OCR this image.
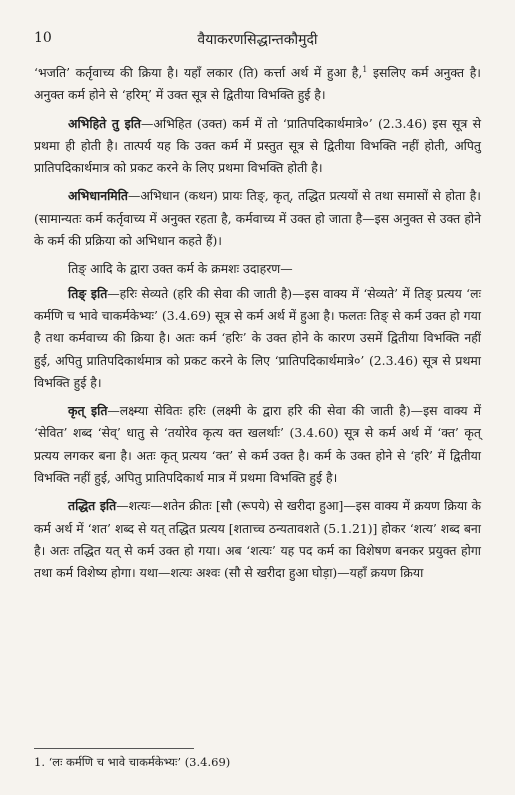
10	वैयाकरणसिद्धान्तकौमुदी

‘भजति’ कर्तृवाच्य की क्रिया है। यहाँ लकार (ति) कर्त्ता अर्थ में हुआ है,$^1$ इसलिए कर्म अनुक्त है। अनुक्त कर्म होने से ‘हरिम्’ में उक्त सूत्र से द्वितीया विभक्ति हुई है।

अभिहिते तु इति—अभिहित (उक्त) कर्म में तो ‘प्रातिपदिकार्थमात्रे०’ (2.3.46) इस सूत्र से प्रथमा ही होती है। तात्पर्य यह कि उक्त कर्म में प्रस्तुत सूत्र से द्वितीया विभक्ति नहीं होती, अपितु प्रातिपदिकार्थमात्र को प्रकट करने के लिए प्रथमा विभक्ति होती है।

अभिधानमिति—अभिधान (कथन) प्रायः तिङ्, कृत्, तद्धित प्रत्ययों से तथा समासों से होता है। (सामान्यतः कर्म कर्तृवाच्य में अनुक्त रहता है, कर्मवाच्य में उक्त हो जाता है—इस अनुक्त से उक्त होने के कर्म की प्रक्रिया को अभिधान कहते हैं)।

तिङ् आदि के द्वारा उक्त कर्म के क्रमशः उदाहरण—

तिङ् इति—हरिः सेव्यते (हरि की सेवा की जाती है)—इस वाक्य में ‘सेव्यते’ में तिङ् प्रत्यय ‘लः कर्मणि च भावे चाकर्मकेभ्यः’ (3.4.69) सूत्र से कर्म अर्थ में हुआ है। फलतः तिङ् से कर्म उक्त हो गया है तथा कर्मवाच्य की क्रिया है। अतः कर्म ‘हरिः’ के उक्त होने के कारण उसमें द्वितीया विभक्ति नहीं हुई, अपितु प्रातिपदिकार्थमात्र को प्रकट करने के लिए ‘प्रातिपदिकार्थमात्रे०’ (2.3.46) सूत्र से प्रथमा विभक्ति हुई है।

कृत् इति—लक्ष्म्या सेवितः हरिः (लक्ष्मी के द्वारा हरि की सेवा की जाती है)—इस वाक्य में ‘सेवित’ शब्द ‘सेव्’ धातु से ‘तयोरेव कृत्य क्त खलर्थाः’ (3.4.60) सूत्र से कर्म अर्थ में ‘क्त’ कृत् प्रत्यय लगकर बना है। अतः कृत् प्रत्यय ‘क्त’ से कर्म उक्त है। कर्म के उक्त होने से ‘हरि’ में द्वितीया विभक्ति नहीं हुई, अपितु प्रातिपदिकार्थ मात्र में प्रथमा विभक्ति हुई है।

तद्धित इति—शत्यः—शतेन क्रीतः [सौ (रूपये) से खरीदा हुआ]—इस वाक्य में क्रयण क्रिया के कर्म अर्थ में ‘शत’ शब्द से यत् तद्धित प्रत्यय [शताच्च ठन्यतावशते (5.1.21)] होकर ‘शत्य’ शब्द बना है। अतः तद्धित यत् से कर्म उक्त हो गया। अब ‘शत्यः’ यह पद कर्म का विशेषण बनकर प्रयुक्त होगा तथा कर्म विशेष्य होगा। यथा—शत्यः अश्वः (सौ से खरीदा हुआ घोड़ा)—यहाँ क्रयण क्रिया

1. ‘लः कर्मणि च भावे चाकर्मकेभ्यः’ (3.4.69)
